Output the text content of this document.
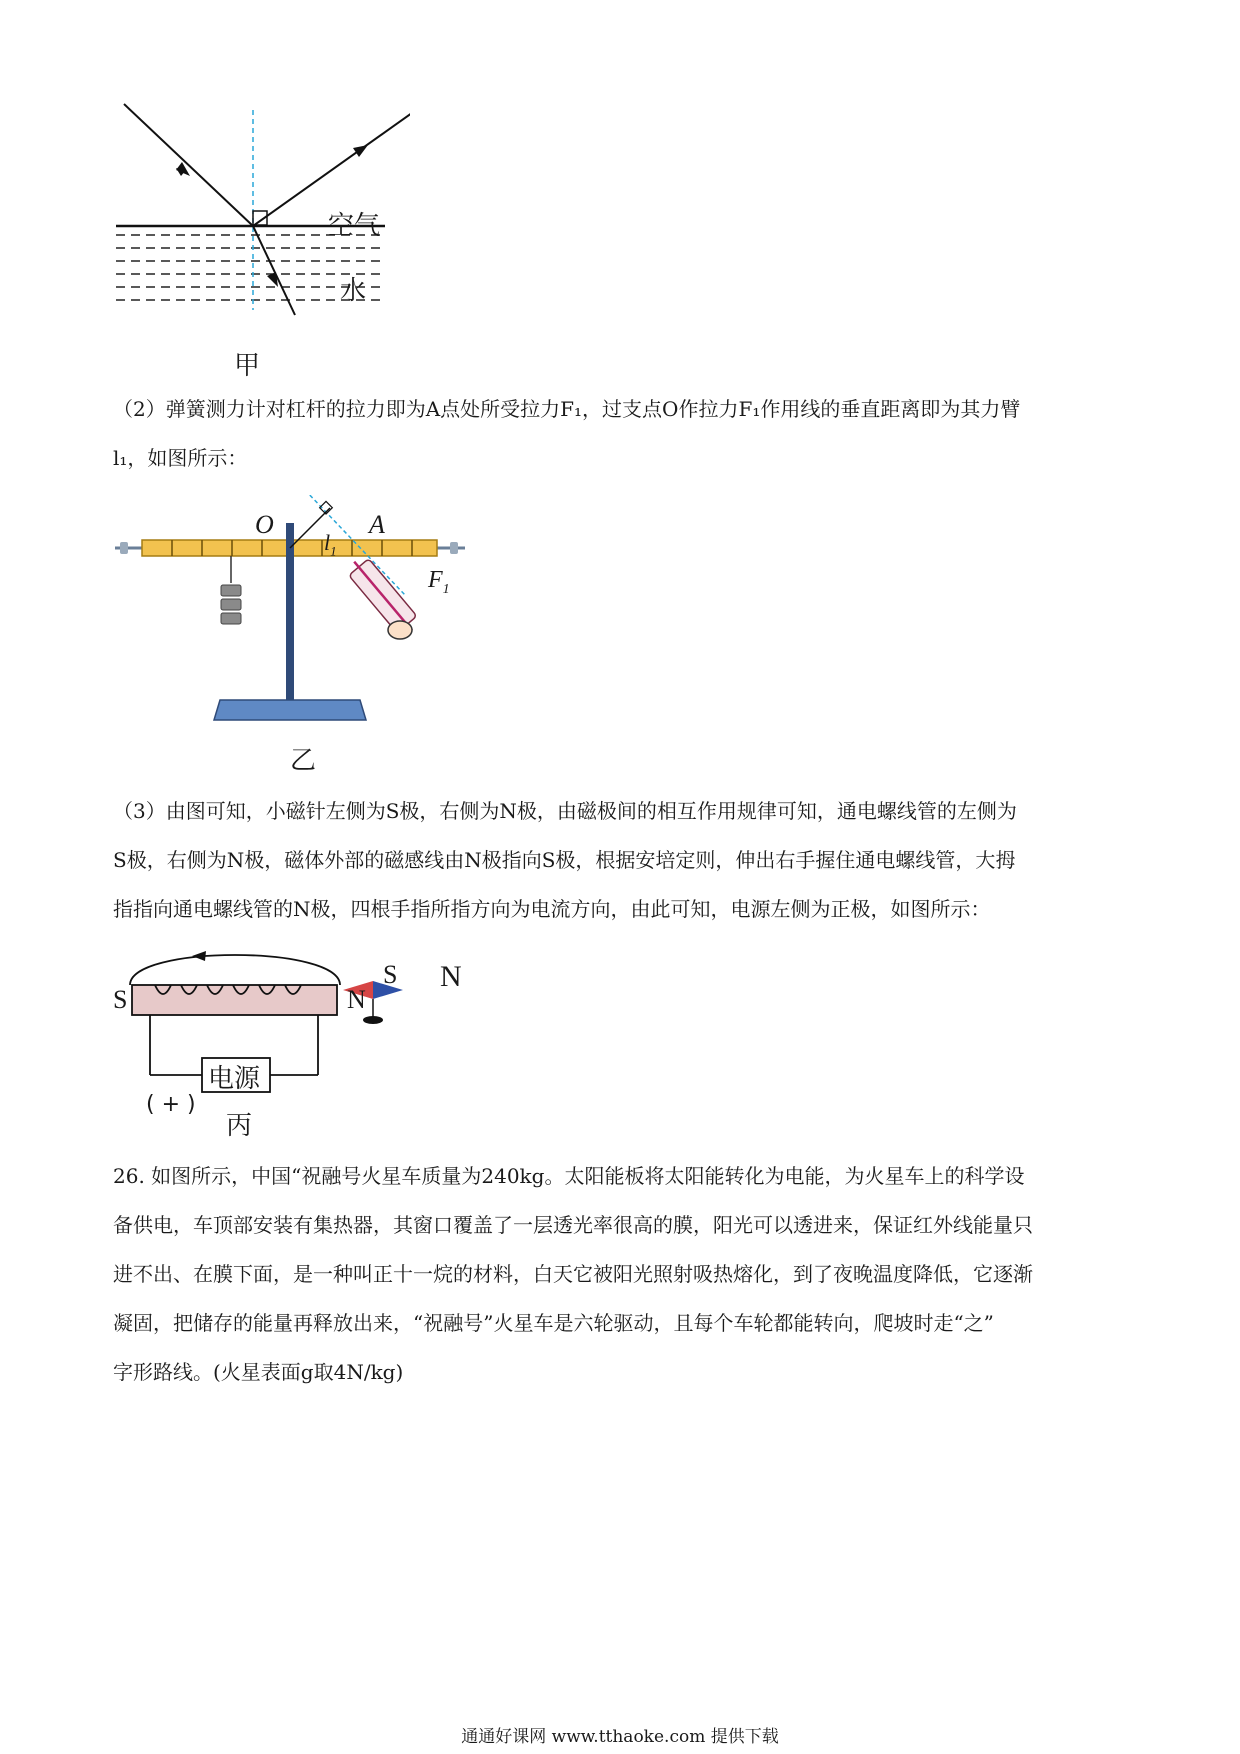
空气
水
甲
（2）弹簧测力计对杠杆的拉力即为A点处所受拉力F₁，过支点O作拉力F₁作用线的垂直距离即为其力臂
l₁，如图所示：
O	A
$l_1$
$F_1$
乙
（3）由图可知，小磁针左侧为S极，右侧为N极，由磁极间的相互作用规律可知，通电螺线管的左侧为
S极，右侧为N极，磁体外部的磁感线由N极指向S极，根据安培定则，伸出右手握住通电螺线管，大拇
指指向通电螺线管的N极，四根手指所指方向为电流方向，由此可知，电源左侧为正极，如图所示：
S	N
电源
( + )
S N
丙
26. 如图所示，中国“祝融号火星车质量为240kg。太阳能板将太阳能转化为电能，为火星车上的科学设
备供电，车顶部安装有集热器，其窗口覆盖了一层透光率很高的膜，阳光可以透进来，保证红外线能量只
进不出、在膜下面，是一种叫正十一烷的材料，白天它被阳光照射吸热熔化，到了夜晚温度降低，它逐渐
凝固，把储存的能量再释放出来，“祝融号”火星车是六轮驱动，且每个车轮都能转向，爬坡时走“之”
字形路线。(火星表面g取4N/kg)
通通好课网 www.tthaoke.com 提供下载
